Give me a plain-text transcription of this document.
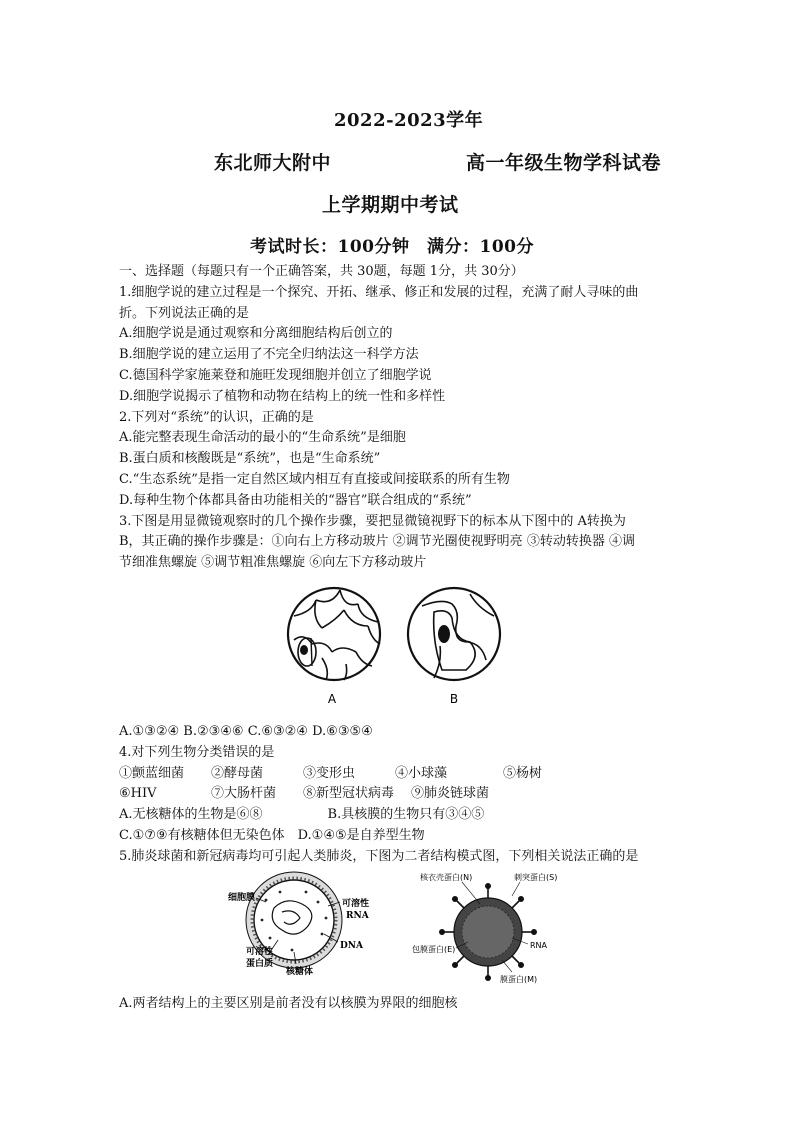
2022-2023学年
东北师大附中	高一年级生物学科试卷
上学期期中考试
考试时长：100分钟　满分：100分
一、选择题（每题只有一个正确答案，共 30题，每题 1分，共 30分）
1.细胞学说的建立过程是一个探究、开拓、继承、修正和发展的过程，充满了耐人寻味的曲
折。下列说法正确的是
A.细胞学说是通过观察和分离细胞结构后创立的
B.细胞学说的建立运用了不完全归纳法这一科学方法
C.德国科学家施莱登和施旺发现细胞并创立了细胞学说
D.细胞学说揭示了植物和动物在结构上的统一性和多样性
2.下列对“系统”的认识，正确的是
A.能完整表现生命活动的最小的“生命系统”是细胞
B.蛋白质和核酸既是“系统”，也是“生命系统”
C.“生态系统”是指一定自然区域内相互有直接或间接联系的所有生物
D.每种生物个体都具备由功能相关的“器官”联合组成的“系统”
3.下图是用显微镜观察时的几个操作步骤，要把显微镜视野下的标本从下图中的 A转换为
B，其正确的操作步骤是：①向右上方移动玻片 ②调节光圈使视野明亮 ③转动转换器 ④调
节细准焦螺旋 ⑤调节粗准焦螺旋 ⑥向左下方移动玻片
A.①③②④ B.②③④⑥ C.⑥③②④ D.⑥③⑤④
4.对下列生物分类错误的是
①颤蓝细菌	②酵母菌	③变形虫	④小球藻	⑤杨树
⑥HIV	⑦大肠杆菌	⑧新型冠状病毒	⑨肺炎链球菌
A.无核糖体的生物是⑥⑧　　　　　B.具核膜的生物只有③④⑤
C.①⑦⑨有核糖体但无染色体　D.①④⑤是自养型生物
5.肺炎球菌和新冠病毒均可引起人类肺炎，下图为二者结构模式图，下列相关说法正确的是
A.两者结构上的主要区别是前者没有以核膜为界限的细胞核
A	B
细胞膜
可溶性
RNA
DNA
可溶性
蛋白质
核糖体
核衣壳蛋白(N)	刺突蛋白(S)
包膜蛋白(E)	RNA
膜蛋白(M)
